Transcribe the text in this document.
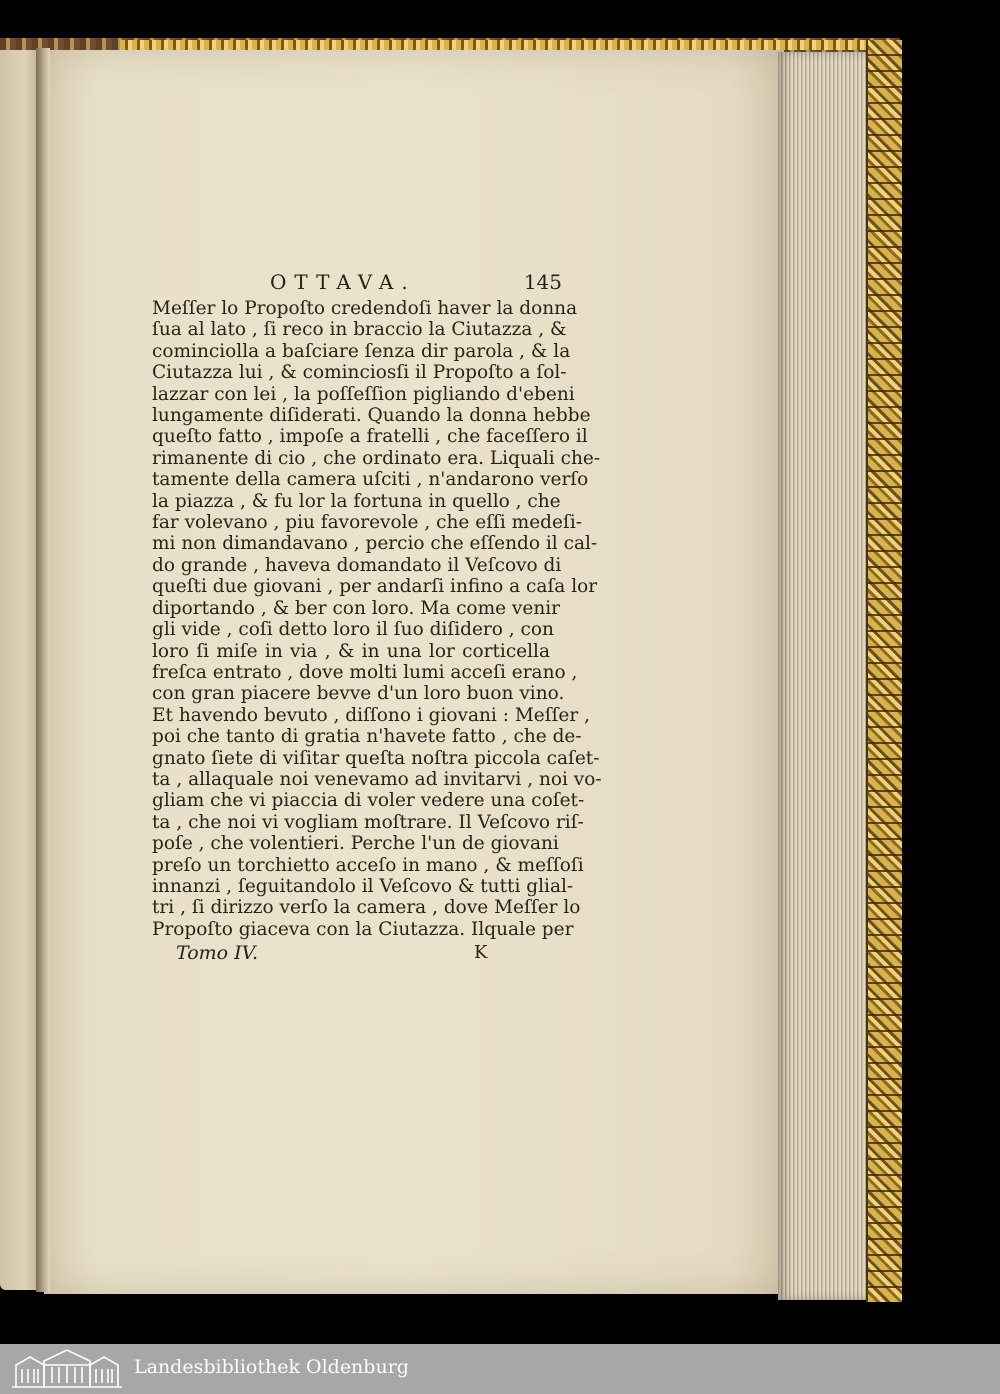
OTTAVA.	145
Meſſer lo Propoſto credendoſi haver la donna
ſua al lato , ſi reco in braccio la Ciutazza , &
cominciolla a baſciare ſenza dir parola , & la
Ciutazza lui , & cominciosſi il Propoſto a ſol-
lazzar con lei , la poſſeſſion pigliando d'ebeni
lungamente diſiderati. Quando la donna hebbe
queſto fatto , impoſe a fratelli , che faceſſero il
rimanente di cio , che ordinato era. Liquali che-
tamente della camera uſciti , n'andarono verſo
la piazza , & fu lor la fortuna in quello , che
far volevano , piu favorevole , che eſſi medeſi-
mi non dimandavano , percio che eſſendo il cal-
do grande , haveva domandato il Veſcovo di
queſti due giovani , per andarſi infino a caſa lor
diportando , & ber con loro. Ma come venir
gli vide , coſi detto loro il ſuo diſidero , con
loro ſi miſe in via , & in una lor corticella
freſca entrato , dove molti lumi acceſi erano ,
con gran piacere bevve d'un loro buon vino.
Et havendo bevuto , diſſono i giovani : Meſſer ,
poi che tanto di gratia n'havete fatto , che de-
gnato ſiete di viſitar queſta noſtra piccola caſet-
ta , allaquale noi venevamo ad invitarvi , noi vo-
gliam che vi piaccia di voler vedere una coſet-
ta , che noi vi vogliam moſtrare. Il Veſcovo riſ-
poſe , che volentieri. Perche l'un de giovani
preſo un torchietto acceſo in mano , & meſſoſi
innanzi , ſeguitandolo il Veſcovo & tutti glial-
tri , ſi dirizzo verſo la camera , dove Meſſer lo
Propoſto giaceva con la Ciutazza. Ilquale per
Tomo IV.	K
Landesbibliothek Oldenburg
